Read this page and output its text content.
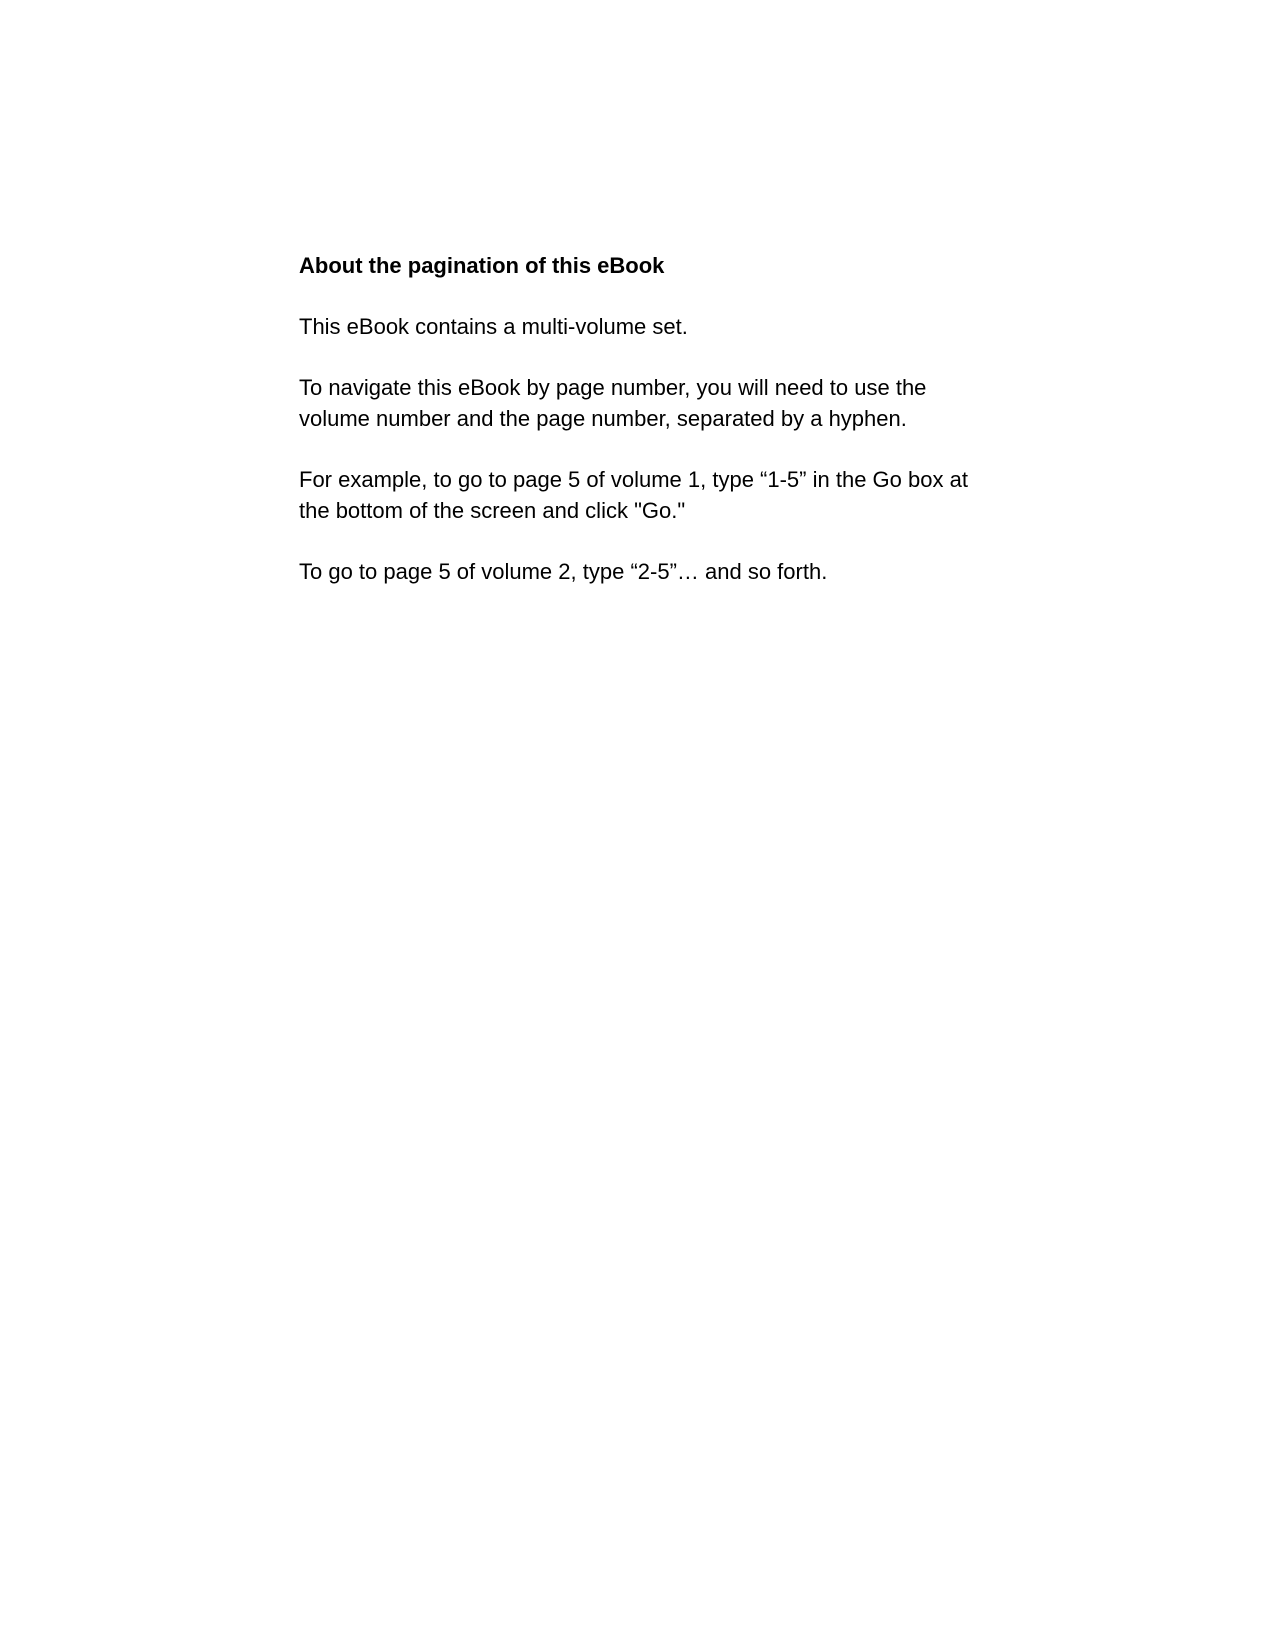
About the pagination of this eBook

This eBook contains a multi-volume set.

To navigate this eBook by page number, you will need to use the
volume number and the page number, separated by a hyphen.

For example, to go to page 5 of volume 1, type “1-5” in the Go box at
the bottom of the screen and click "Go."

To go to page 5 of volume 2, type “2-5”… and so forth.
